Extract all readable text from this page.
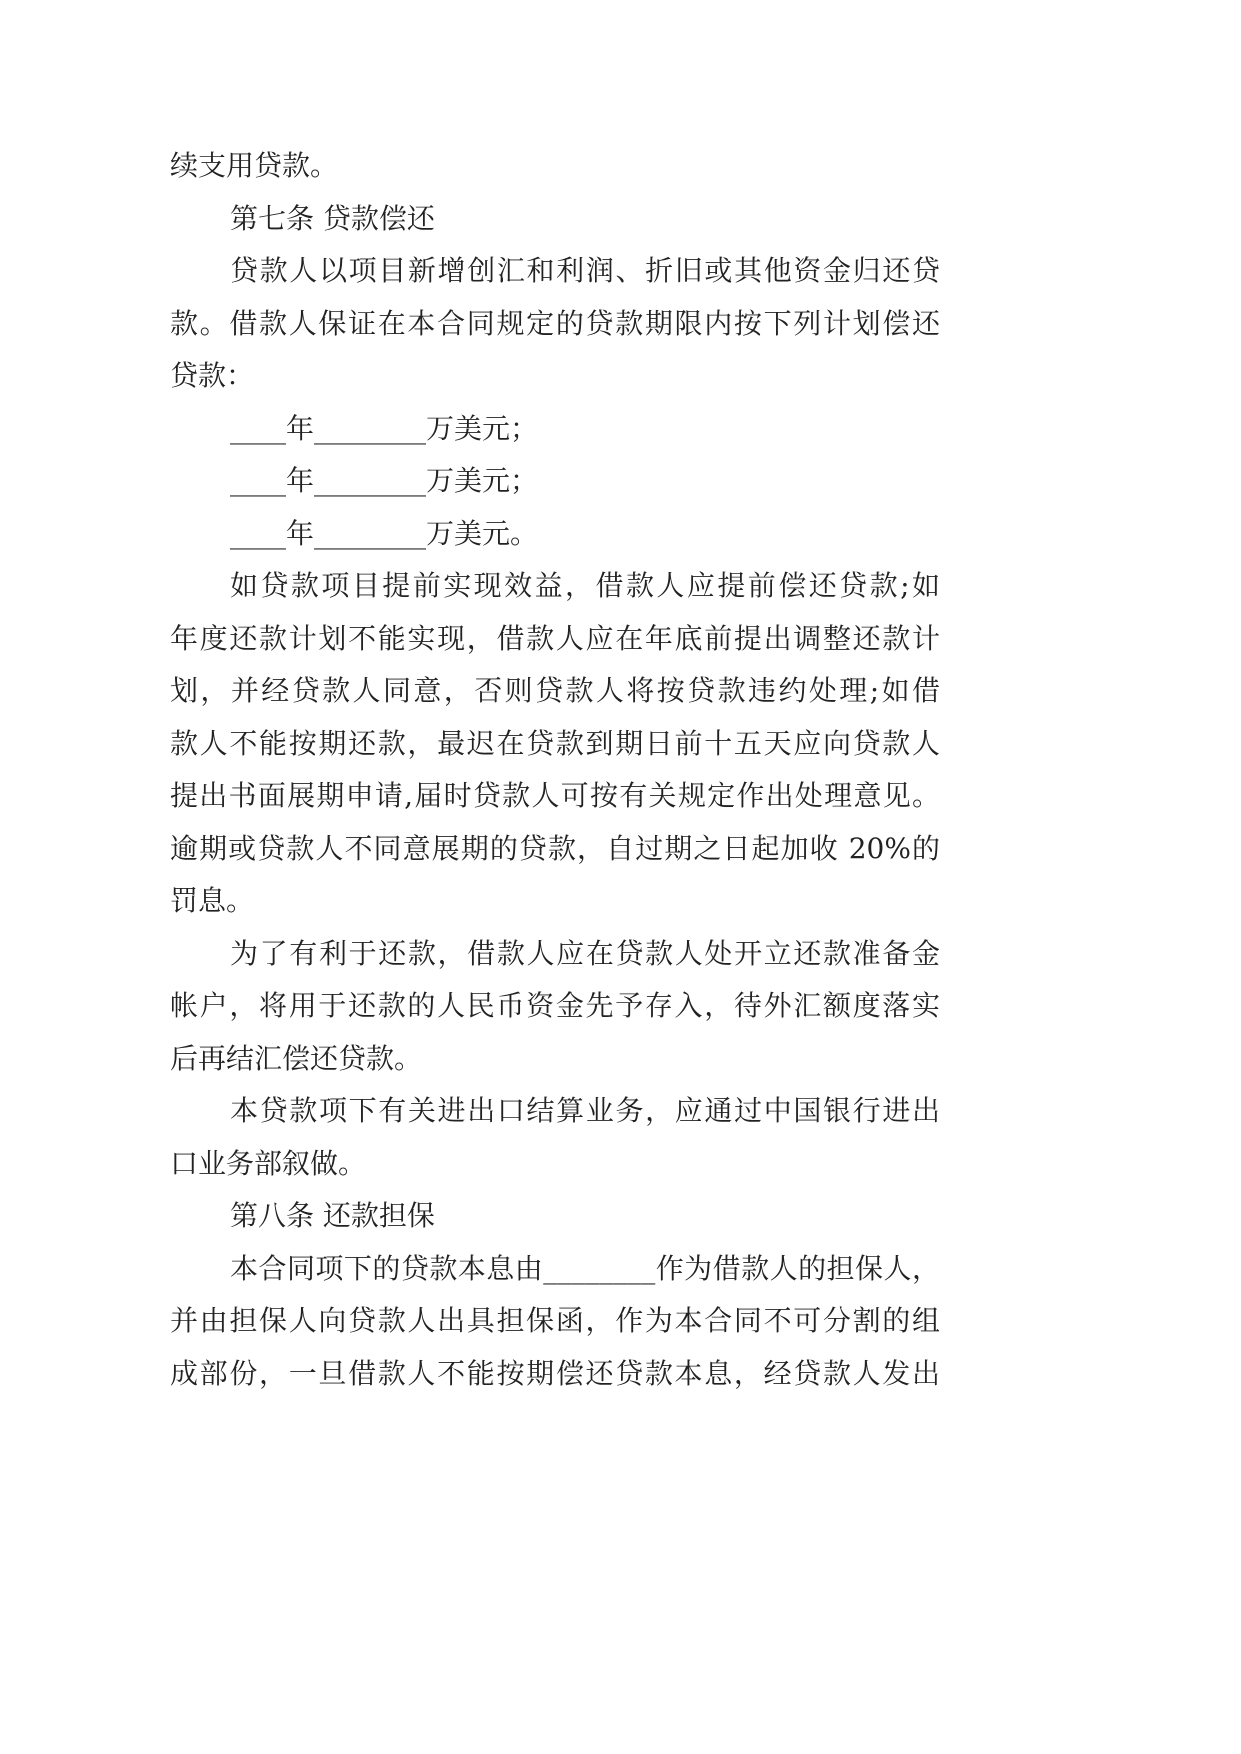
续支用贷款。
第七条 贷款偿还
贷款人以项目新增创汇和利润、折旧或其他资金归还贷
款。借款人保证在本合同规定的贷款期限内按下列计划偿还
贷款：
____年________万美元；
____年________万美元；
____年________万美元。
如贷款项目提前实现效益，借款人应提前偿还贷款;如
年度还款计划不能实现，借款人应在年底前提出调整还款计
划，并经贷款人同意，否则贷款人将按贷款违约处理;如借
款人不能按期还款，最迟在贷款到期日前十五天应向贷款人
提出书面展期申请,届时贷款人可按有关规定作出处理意见。
逾期或贷款人不同意展期的贷款，自过期之日起加收 20%的
罚息。
为了有利于还款，借款人应在贷款人处开立还款准备金
帐户，将用于还款的人民币资金先予存入，待外汇额度落实
后再结汇偿还贷款。
本贷款项下有关进出口结算业务，应通过中国银行进出
口业务部叙做。
第八条 还款担保
本合同项下的贷款本息由________作为借款人的担保人，
并由担保人向贷款人出具担保函，作为本合同不可分割的组
成部份，一旦借款人不能按期偿还贷款本息，经贷款人发出
